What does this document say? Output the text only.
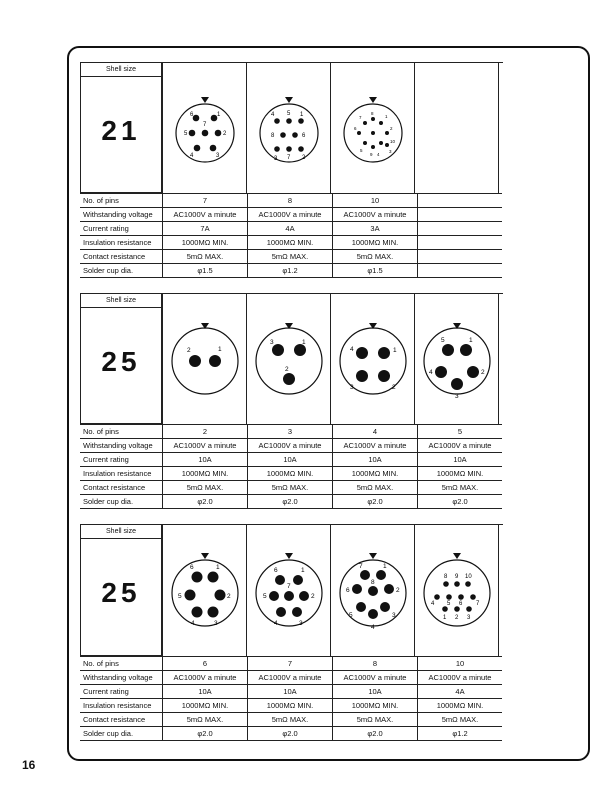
Shell size
21	1
2
3
4
5
6
7
1
2
3
4 5
6
7
8
1
2
3
4
5
6
7
8
9
10
No. of pins	7	8	10	
Withstanding voltage	AC1000V a minute	AC1000V a minute	AC1000V a minute	
Current rating	7A	4A	3A	
Insulation resistance	1000MΩ MIN.	1000MΩ MIN.	1000MΩ MIN.	
Contact resistance	5mΩ MAX.	5mΩ MAX.	5mΩ MAX.	
Solder cup dia.	φ1.5	φ1.2	φ1.5	
Shell size
25	1
2
1
2
3
1
2
3
4
1
2
3
4
5
No. of pins	2	3	4	5
Withstanding voltage	AC1000V a minute	AC1000V a minute	AC1000V a minute	AC1000V a minute
Current rating	10A	10A	10A	10A
Insulation resistance	1000MΩ MIN.	1000MΩ MIN.	1000MΩ MIN.	1000MΩ MIN.
Contact resistance	5mΩ MAX.	5mΩ MAX.	5mΩ MAX.	5mΩ MAX.
Solder cup dia.	φ2.0	φ2.0	φ2.0	φ2.0
Shell size
25
1
2
3
4
5
6	1
2
3
4
5
6
7
1
2
3
4
5
6
7
8
1 2 3
4 5 6 7
8 9 10
No. of pins	6	7	8	10
Withstanding voltage	AC1000V a minute	AC1000V a minute	AC1000V a minute	AC1000V a minute
Current rating	10A	10A	10A	4A
Insulation resistance	1000MΩ MIN.	1000MΩ MIN.	1000MΩ MIN.	1000MΩ MIN.
Contact resistance	5mΩ MAX.	5mΩ MAX.	5mΩ MAX.	5mΩ MAX.
Solder cup dia.	φ2.0	φ2.0	φ2.0	φ1.2
16
